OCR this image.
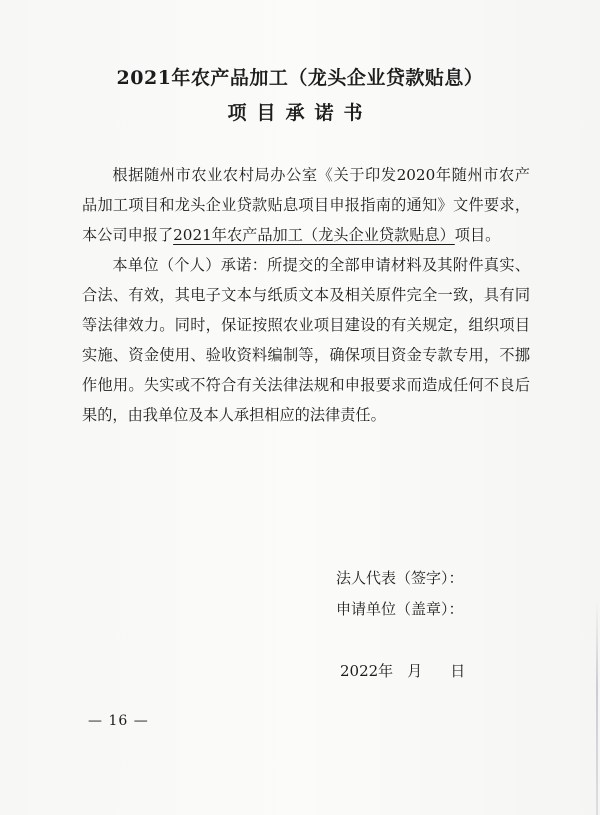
2021年农产品加工（龙头企业贷款贴息）
项目承诺书

根据随州市农业农村局办公室《关于印发2020年随州市农产品加工项目和龙头企业贷款贴息项目申报指南的通知》文件要求，本公司申报了2021年农产品加工（龙头企业贷款贴息）项目。

本单位（个人）承诺：所提交的全部申请材料及其附件真实、合法、有效，其电子文本与纸质文本及相关原件完全一致，具有同等法律效力。同时，保证按照农业项目建设的有关规定，组织项目实施、资金使用、验收资料编制等，确保项目资金专款专用，不挪作他用。失实或不符合有关法律法规和申报要求而造成任何不良后果的，由我单位及本人承担相应的法律责任。

法人代表（签字）：
申请单位（盖章）：
2022年 月 日
— 16 —
